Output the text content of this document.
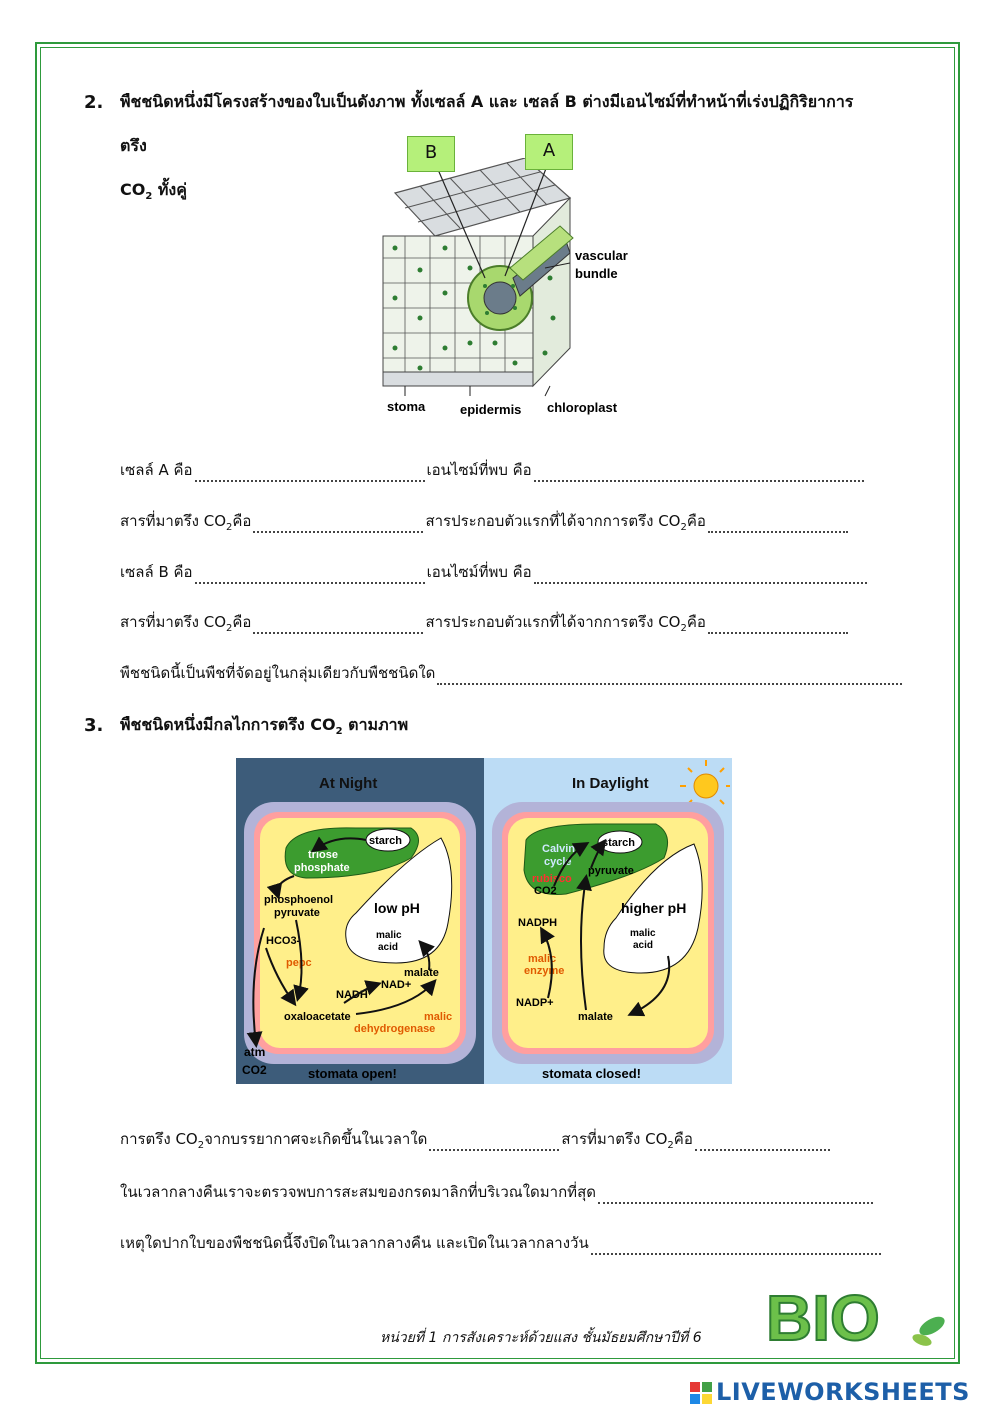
2. พืชชนิดหนึ่งมีโครงสร้างของใบเป็นดังภาพ ทั้งเซลล์ A และ เซลล์ B ต่างมีเอนไซม์ที่ทำหน้าที่เร่งปฏิกิริยาการตรึง
$CO_2$ ทั้งคู่
vascular
bundle
stoma	epidermis chloroplast
B	A
เซลล์ A คือ	เอนไซม์ที่พบ คือ
สารที่มาตรึง $CO_2$ คือ	สารประกอบตัวแรกที่ได้จากการตรึง $CO_2$ คือ
เซลล์ B คือ	เอนไซม์ที่พบ คือ
สารที่มาตรึง $CO_2$ คือ	สารประกอบตัวแรกที่ได้จากการตรึง $CO_2$ คือ
พืชชนิดนี้เป็นพืชที่จัดอยู่ในกลุ่มเดียวกับพืชชนิดใด
3. พืชชนิดหนึ่งมีกลไกการตรึง $CO_2$ ตามภาพ
At Night	In Daylight
starch
triose
phosphate
low pH
malic
acid
phosphoenol
pyruvate
HCO3-
pepc
malate
NAD+
NADH
oxaloacetate	malic
dehydrogenase
atm
CO2	stomata open!
starch
Calvin
cycle
rubisco
CO2
pyruvate
higher pH
malic
acid
NADPH
malic
enzyme
NADP+
malate
stomata closed!
การตรึง $CO_2$ จากบรรยากาศจะเกิดขึ้นในเวลาใด	สารที่มาตรึง $CO_2$ คือ
ในเวลากลางคืนเราจะตรวจพบการสะสมของกรดมาลิกที่บริเวณใดมากที่สุด
เหตุใดปากใบของพืชชนิดนี้จึงปิดในเวลากลางคืน และเปิดในเวลากลางวัน
หน่วยที่ 1 การสังเคราะห์ด้วยแสง ชั้นมัธยมศึกษาปีที่ 6 BIO
LIVEWORKSHEETS
